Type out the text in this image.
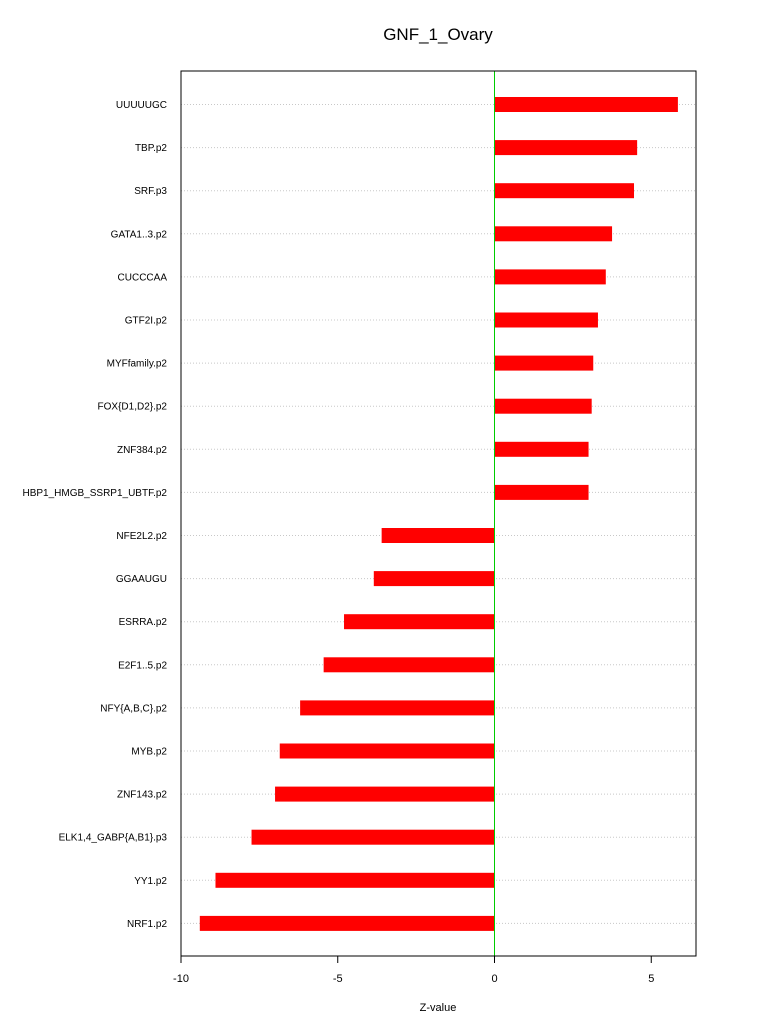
GNF_1_Ovary
UUUUUGC
TBP.p2
SRF.p3
GATA1..3.p2
CUCCCAA
GTF2I.p2
MYFfamily.p2
FOX{D1,D2}.p2
ZNF384.p2
HBP1_HMGB_SSRP1_UBTF.p2
NFE2L2.p2
GGAAUGU
ESRRA.p2
E2F1..5.p2
NFY{A,B,C}.p2
MYB.p2
ZNF143.p2
ELK1,4_GABP{A,B1}.p3
YY1.p2
NRF1.p2
-10	-5	0	5
Z-value
